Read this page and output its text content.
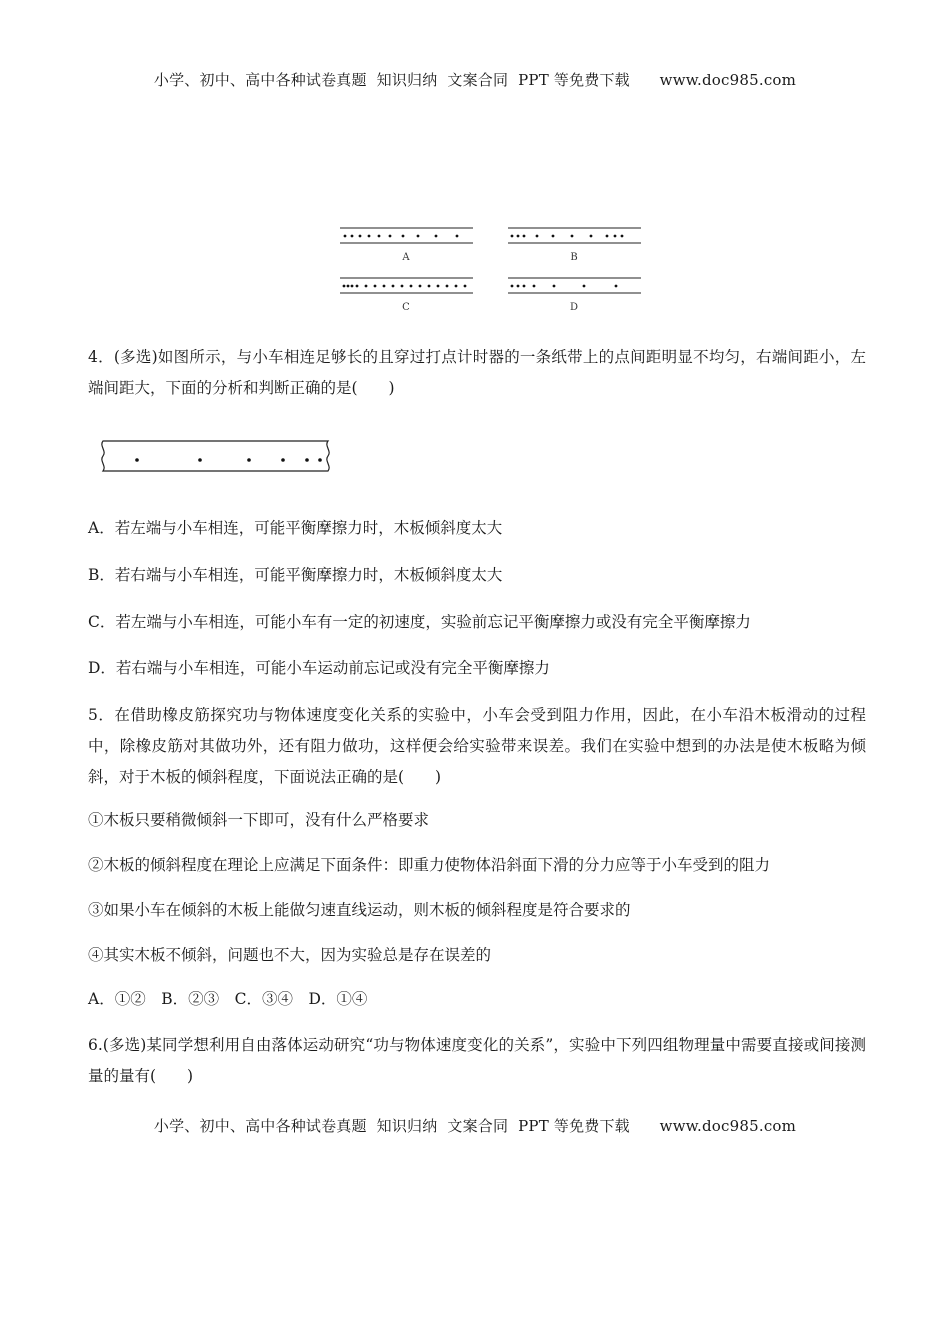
小学、初中、高中各种试卷真题  知识归纳  文案合同  PPT 等免费下载      www.doc985.com
A	B
C	D
4．(多选)如图所示，与小车相连足够长的且穿过打点计时器的一条纸带上的点间距明显不均匀，右端间距小，左端间距大，下面的分析和判断正确的是(　　)
A．若左端与小车相连，可能平衡摩擦力时，木板倾斜度太大
B．若右端与小车相连，可能平衡摩擦力时，木板倾斜度太大
C．若左端与小车相连，可能小车有一定的初速度，实验前忘记平衡摩擦力或没有完全平衡摩擦力
D．若右端与小车相连，可能小车运动前忘记或没有完全平衡摩擦力
5．在借助橡皮筋探究功与物体速度变化关系的实验中，小车会受到阻力作用，因此，在小车沿木板滑动的过程中，除橡皮筋对其做功外，还有阻力做功，这样便会给实验带来误差。我们在实验中想到的办法是使木板略为倾斜，对于木板的倾斜程度，下面说法正确的是(　　)
①木板只要稍微倾斜一下即可，没有什么严格要求
②木板的倾斜程度在理论上应满足下面条件：即重力使物体沿斜面下滑的分力应等于小车受到的阻力
③如果小车在倾斜的木板上能做匀速直线运动，则木板的倾斜程度是符合要求的
④其实木板不倾斜，问题也不大，因为实验总是存在误差的
A．①②　B．②③　C．③④　D．①④
6.(多选)某同学想利用自由落体运动研究“功与物体速度变化的关系”，实验中下列四组物理量中需要直接或间接测量的量有(　　)
小学、初中、高中各种试卷真题  知识归纳  文案合同  PPT 等免费下载      www.doc985.com
